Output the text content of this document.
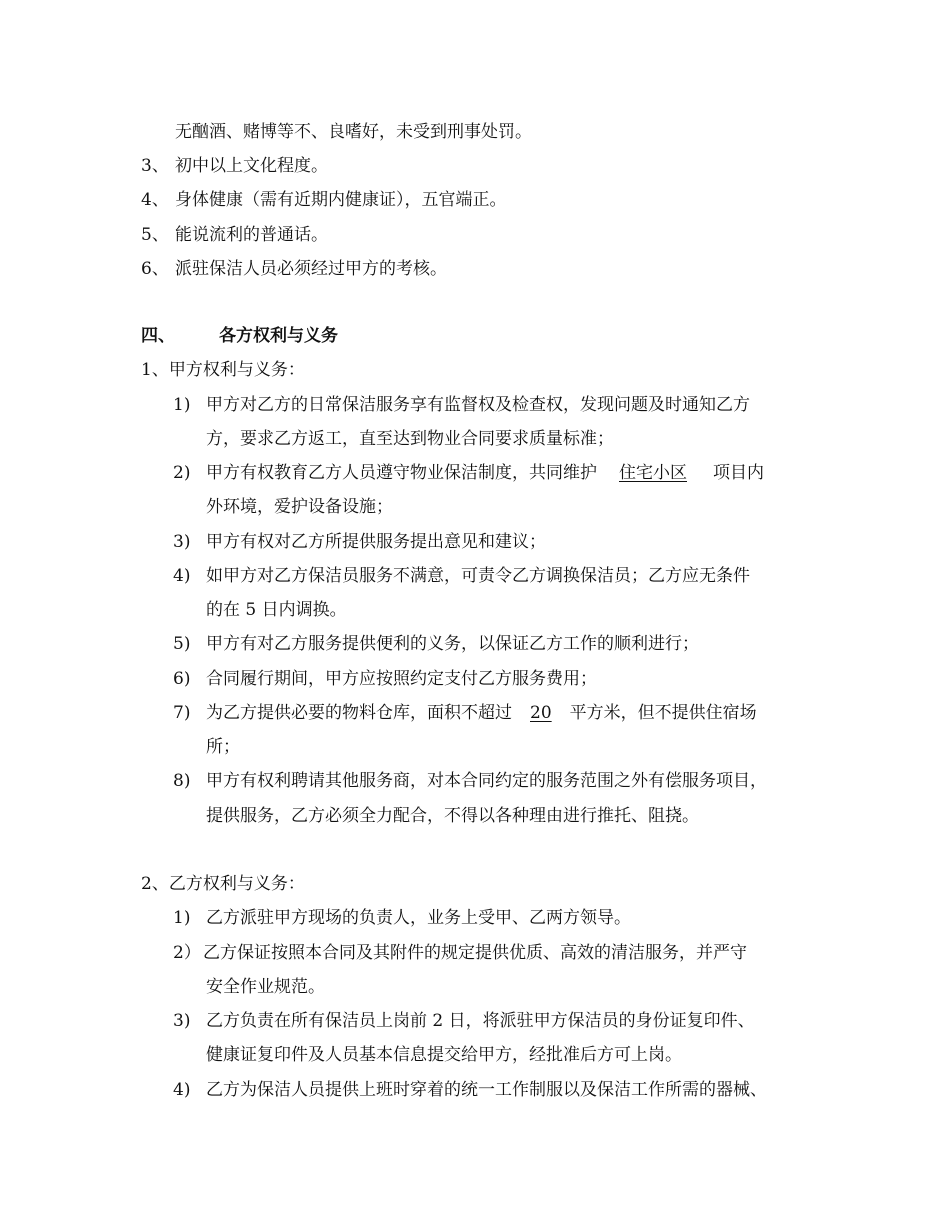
无酗酒、赌博等不、良嗜好，未受到刑事处罚。
3、 初中以上文化程度。
4、 身体健康（需有近期内健康证），五官端正。
5、 能说流利的普通话。
6、 派驻保洁人员必须经过甲方的考核。
四、	各方权利与义务
1、甲方权利与义务：
1) 甲方对乙方的日常保洁服务享有监督权及检查权，发现问题及时通知乙方
方，要求乙方返工，直至达到物业合同要求质量标准；
2) 甲方有权教育乙方人员遵守物业保洁制度，共同维护 住宅小区 项目内
外环境，爱护设备设施；
3) 甲方有权对乙方所提供服务提出意见和建议；
4) 如甲方对乙方保洁员服务不满意，可责令乙方调换保洁员；乙方应无条件
的在 5 日内调换。
5) 甲方有对乙方服务提供便利的义务，以保证乙方工作的顺利进行；
6) 合同履行期间，甲方应按照约定支付乙方服务费用；
7) 为乙方提供必要的物料仓库，面积不超过 20 平方米，但不提供住宿场
所；
8) 甲方有权利聘请其他服务商，对本合同约定的服务范围之外有偿服务项目，
提供服务，乙方必须全力配合，不得以各种理由进行推托、阻挠。
2、乙方权利与义务：
1) 乙方派驻甲方现场的负责人，业务上受甲、乙两方领导。
2） 乙方保证按照本合同及其附件的规定提供优质、高效的清洁服务，并严守
安全作业规范。
3) 乙方负责在所有保洁员上岗前 2 日，将派驻甲方保洁员的身份证复印件、
健康证复印件及人员基本信息提交给甲方，经批准后方可上岗。
4) 乙方为保洁人员提供上班时穿着的统一工作制服以及保洁工作所需的器械、
